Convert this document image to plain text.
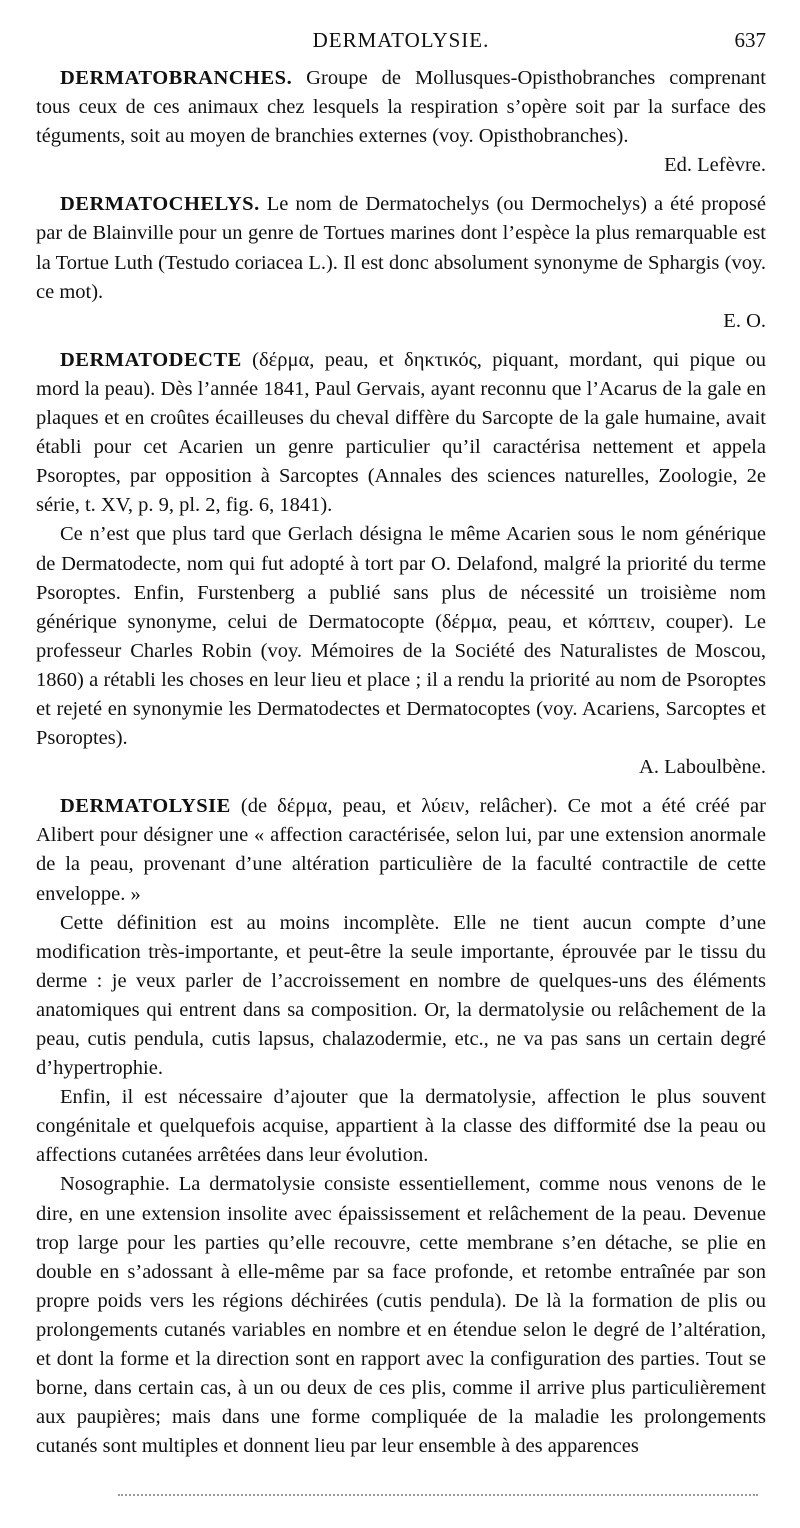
DERMATOLYSIE.	637

DERMATOBRANCHES. Groupe de Mollusques-Opisthobranches comprenant tous ceux de ces animaux chez lesquels la respiration s’opère soit par la surface des téguments, soit au moyen de branchies externes (voy. Opisthobranches).

Ed. Lefèvre.

DERMATOCHELYS. Le nom de Dermatochelys (ou Dermochelys) a été proposé par de Blainville pour un genre de Tortues marines dont l’espèce la plus remarquable est la Tortue Luth (Testudo coriacea L.). Il est donc absolument synonyme de Sphargis (voy. ce mot).

E. O.

DERMATODECTE (δέρμα, peau, et δηκτικός, piquant, mordant, qui pique ou mord la peau). Dès l’année 1841, Paul Gervais, ayant reconnu que l’Acarus de la gale en plaques et en croûtes écailleuses du cheval diffère du Sarcopte de la gale humaine, avait établi pour cet Acarien un genre particulier qu’il caractérisa nettement et appela Psoroptes, par opposition à Sarcoptes (Annales des sciences naturelles, Zoologie, 2e série, t. XV, p. 9, pl. 2, fig. 6, 1841).

Ce n’est que plus tard que Gerlach désigna le même Acarien sous le nom générique de Dermatodecte, nom qui fut adopté à tort par O. Delafond, malgré la priorité du terme Psoroptes. Enfin, Furstenberg a publié sans plus de nécessité un troisième nom générique synonyme, celui de Dermatocopte (δέρμα, peau, et κόπτειν, couper). Le professeur Charles Robin (voy. Mémoires de la Société des Naturalistes de Moscou, 1860) a rétabli les choses en leur lieu et place ; il a rendu la priorité au nom de Psoroptes et rejeté en synonymie les Dermatodectes et Dermatocoptes (voy. Acariens, Sarcoptes et Psoroptes).

A. Laboulbène.

DERMATOLYSIE (de δέρμα, peau, et λύειν, relâcher). Ce mot a été créé par Alibert pour désigner une « affection caractérisée, selon lui, par une extension anormale de la peau, provenant d’une altération particulière de la faculté contractile de cette enveloppe. »

Cette définition est au moins incomplète. Elle ne tient aucun compte d’une modification très-importante, et peut-être la seule importante, éprouvée par le tissu du derme : je veux parler de l’accroissement en nombre de quelques-uns des éléments anatomiques qui entrent dans sa composition. Or, la dermatolysie ou relâchement de la peau, cutis pendula, cutis lapsus, chalazodermie, etc., ne va pas sans un certain degré d’hypertrophie.

Enfin, il est nécessaire d’ajouter que la dermatolysie, affection le plus souvent congénitale et quelquefois acquise, appartient à la classe des difformité dse la peau ou affections cutanées arrêtées dans leur évolution.

Nosographie. La dermatolysie consiste essentiellement, comme nous venons de le dire, en une extension insolite avec épaississement et relâchement de la peau. Devenue trop large pour les parties qu’elle recouvre, cette membrane s’en détache, se plie en double en s’adossant à elle-même par sa face profonde, et retombe entraînée par son propre poids vers les régions déchirées (cutis pendula). De là la formation de plis ou prolongements cutanés variables en nombre et en étendue selon le degré de l’altération, et dont la forme et la direction sont en rapport avec la configuration des parties. Tout se borne, dans certain cas, à un ou deux de ces plis, comme il arrive plus particulièrement aux paupières; mais dans une forme compliquée de la maladie les prolongements cutanés sont multiples et donnent lieu par leur ensemble à des apparences
